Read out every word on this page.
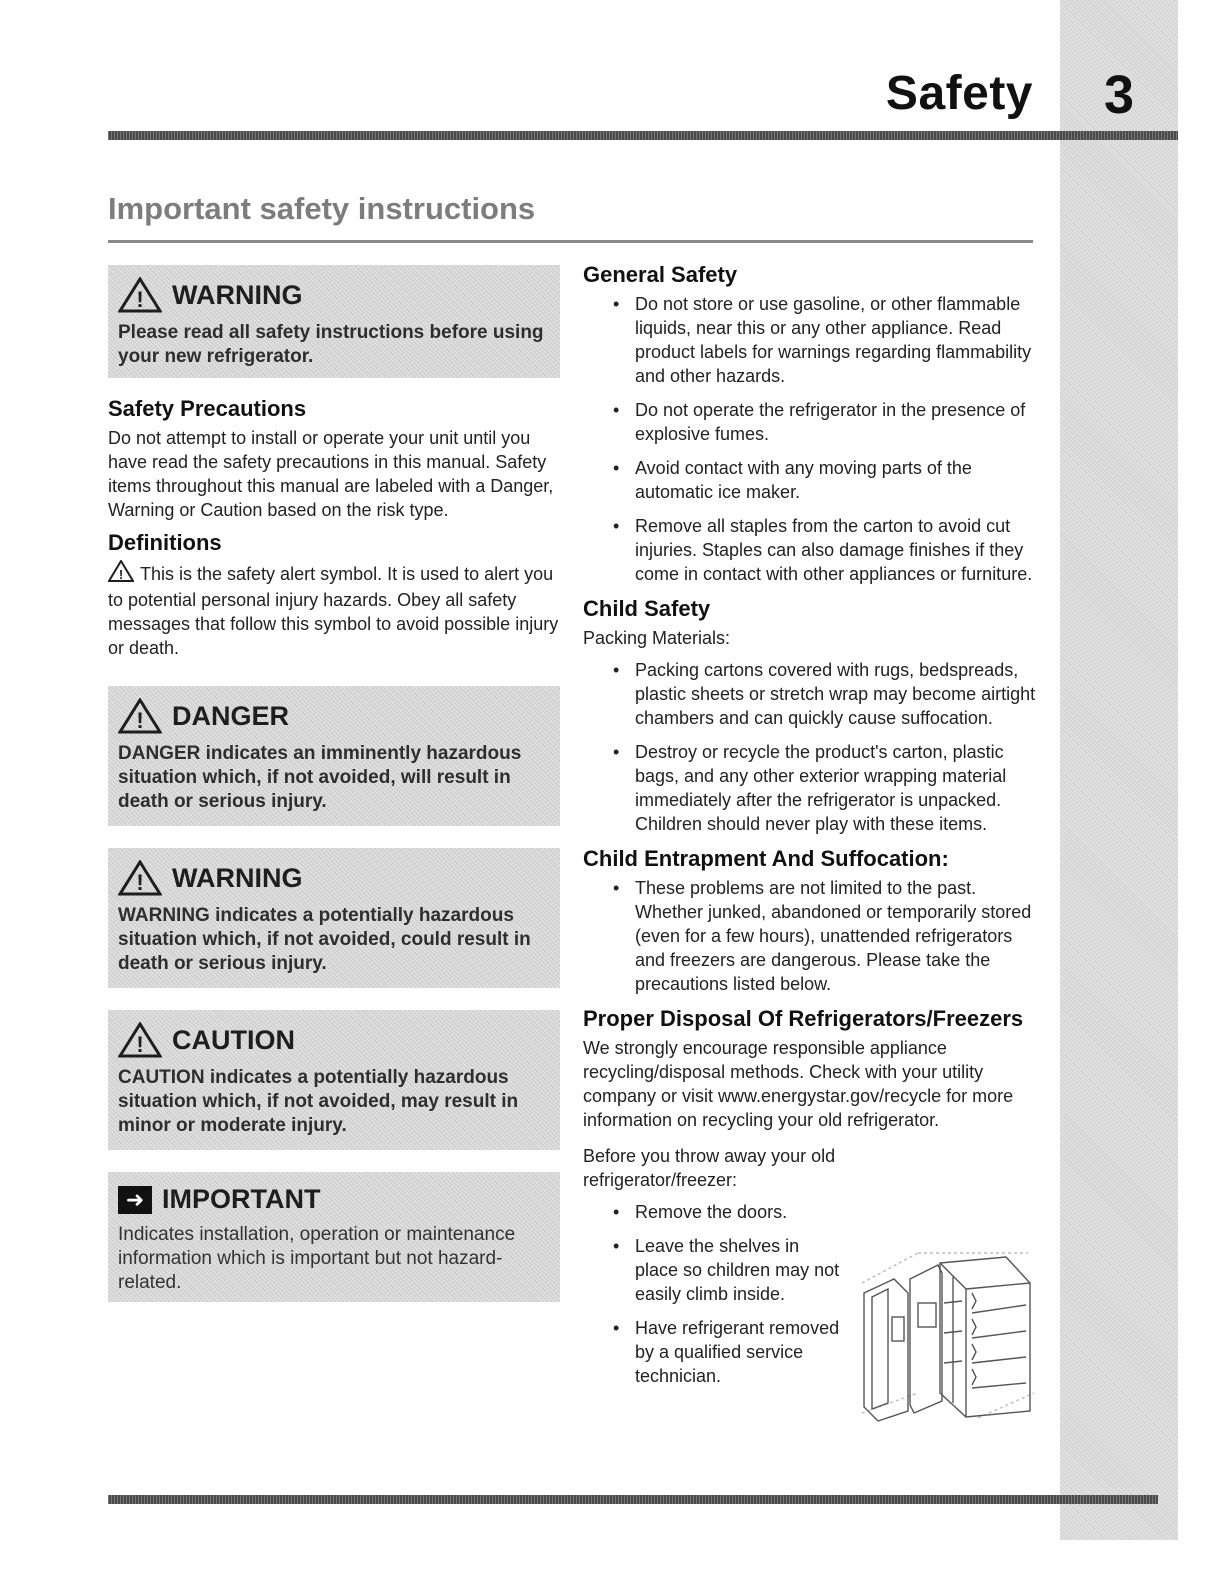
Safety	3
Important safety instructions
! WARNING
Please read all safety instructions before using your new refrigerator.
Safety Precautions

Do not attempt to install or operate your unit until you have read the safety precautions in this manual. Safety items throughout this manual are labeled with a Danger, Warning or Caution based on the risk type.

Definitions

! This is the safety alert symbol. It is used to alert you to potential personal injury hazards. Obey all safety messages that follow this symbol to avoid possible injury or death.

! DANGER
DANGER indicates an imminently hazardous situation which, if not avoided, will result in death or serious injury.
! WARNING
WARNING indicates a potentially hazardous situation which, if not avoided, could result in death or serious injury.
! CAUTION
CAUTION indicates a potentially hazardous situation which, if not avoided, may result in minor or moderate injury.
➜ IMPORTANT
Indicates installation, operation or maintenance information which is important but not hazard-related.
General Safety
• Do not store or use gasoline, or other flammable liquids, near this or any other appliance. Read product labels for warnings regarding flammability and other hazards.
• Do not operate the refrigerator in the presence of explosive fumes.
• Avoid contact with any moving parts of the automatic ice maker.
• Remove all staples from the carton to avoid cut injuries. Staples can also damage finishes if they come in contact with other appliances or furniture.
Child Safety

Packing Materials:

• Packing cartons covered with rugs, bedspreads, plastic sheets or stretch wrap may become airtight chambers and can quickly cause suffocation.
• Destroy or recycle the product's carton, plastic bags, and any other exterior wrapping material immediately after the refrigerator is unpacked. Children should never play with these items.
Child Entrapment And Suffocation:
• These problems are not limited to the past. Whether junked, abandoned or temporarily stored (even for a few hours), unattended refrigerators and freezers are dangerous. Please take the precautions listed below.
Proper Disposal Of Refrigerators/Freezers

We strongly encourage responsible appliance recycling/disposal methods. Check with your utility company or visit www.energystar.gov/recycle for more information on recycling your old refrigerator.

Before you throw away your old refrigerator/freezer:

• Remove the doors.
• Leave the shelves in place so children may not easily climb inside.
• Have refrigerant removed by a qualified service technician.
